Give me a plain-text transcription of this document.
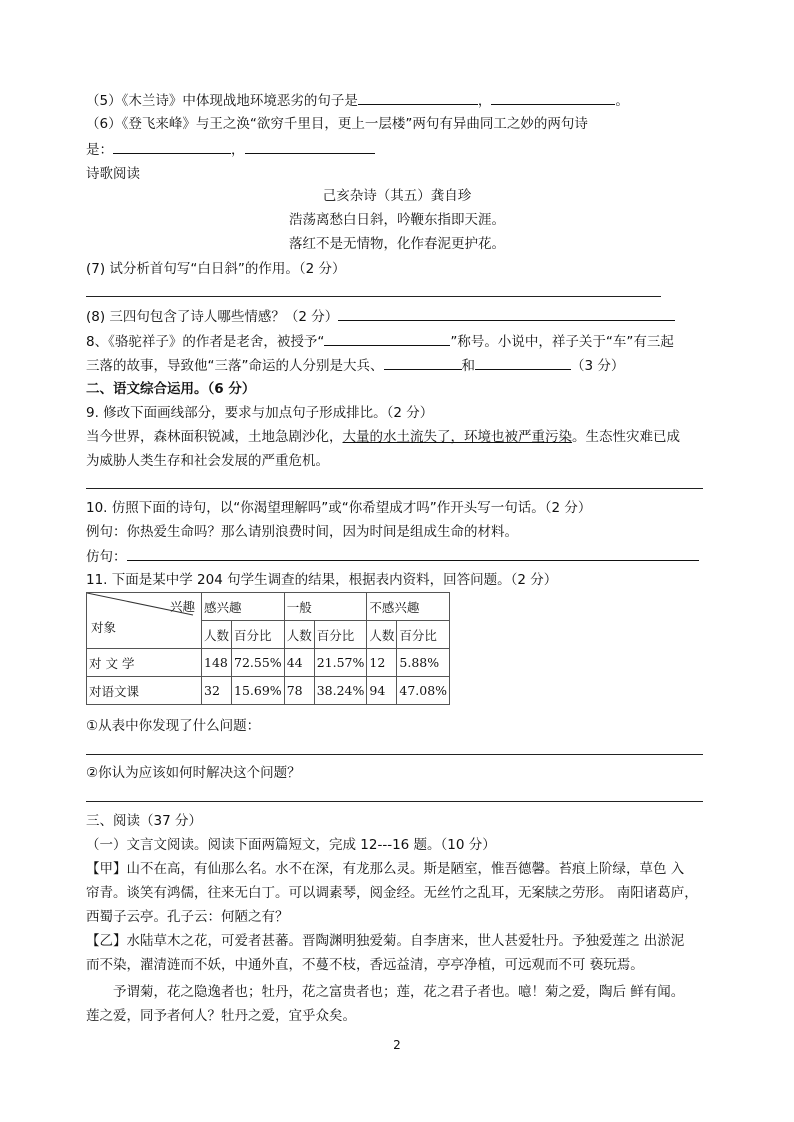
（5）《木兰诗》中体现战地环境恶劣的句子是	，	。
（6）《登飞来峰》与王之涣“欲穷千里目，更上一层楼”两句有异曲同工之妙的两句诗
是：	，
诗歌阅读
己亥杂诗（其五）龚自珍
浩荡离愁白日斜，吟鞭东指即天涯。
落红不是无情物，化作春泥更护花。
(7) 试分析首句写“白日斜”的作用。（2 分）
(8) 三四句包含了诗人哪些情感？（2 分）
8、《骆驼祥子》的作者是老舍，被授予“	”称号。小说中，祥子关于“车”有三起
三落的故事，导致他“三落”命运的人分别是大兵、	和	（3 分）
二、语文综合运用。（6 分）
9. 修改下面画线部分，要求与加点句子形成排比。（2 分）
当今世界，森林面积锐减，土地急剧沙化，大量的水土流失了，环境也被严重污染。生态性灾难已成
为威胁人类生存和社会发展的严重危机。
10. 仿照下面的诗句，以“你渴望理解吗”或“你希望成才吗”作开头写一句话。（2 分）
例句：你热爱生命吗？那么请别浪费时间，因为时间是组成生命的材料。
仿句：
11. 下面是某中学 204 句学生调查的结果，根据表内资料，回答问题。（2 分）
兴趣
对象	感兴趣		一般		不感兴趣	
	人数	百分比	人数	百分比	人数	百分比
对 文 学	148	72.55%	44	21.57%	12	5.88%
对语文课	32	15.69%	78	38.24%	94	47.08%
①从表中你发现了什么问题：
②你认为应该如何时解决这个问题？
三、阅读（37 分）
（一）文言文阅读。阅读下面两篇短文，完成 12---16 题。（10 分）
【甲】山不在高，有仙那么名。水不在深，有龙那么灵。斯是陋室，惟吾德馨。苔痕上阶绿，草色 入
帘青。谈笑有鸿儒，往来无白丁。可以调素琴，阅金经。无丝竹之乱耳，无案牍之劳形。 南阳诸葛庐，
西蜀子云亭。孔子云：何陋之有？
【乙】水陆草木之花，可爱者甚蕃。晋陶渊明独爱菊。自李唐来，世人甚爱牡丹。予独爱莲之 出淤泥
而不染，濯清涟而不妖，中通外直，不蔓不枝，香远益清，亭亭净植，可远观而不可 亵玩焉。
予谓菊，花之隐逸者也；牡丹，花之富贵者也；莲，花之君子者也。噫！菊之爱，陶后 鲜有闻。
莲之爱，同予者何人？牡丹之爱，宜乎众矣。
2
